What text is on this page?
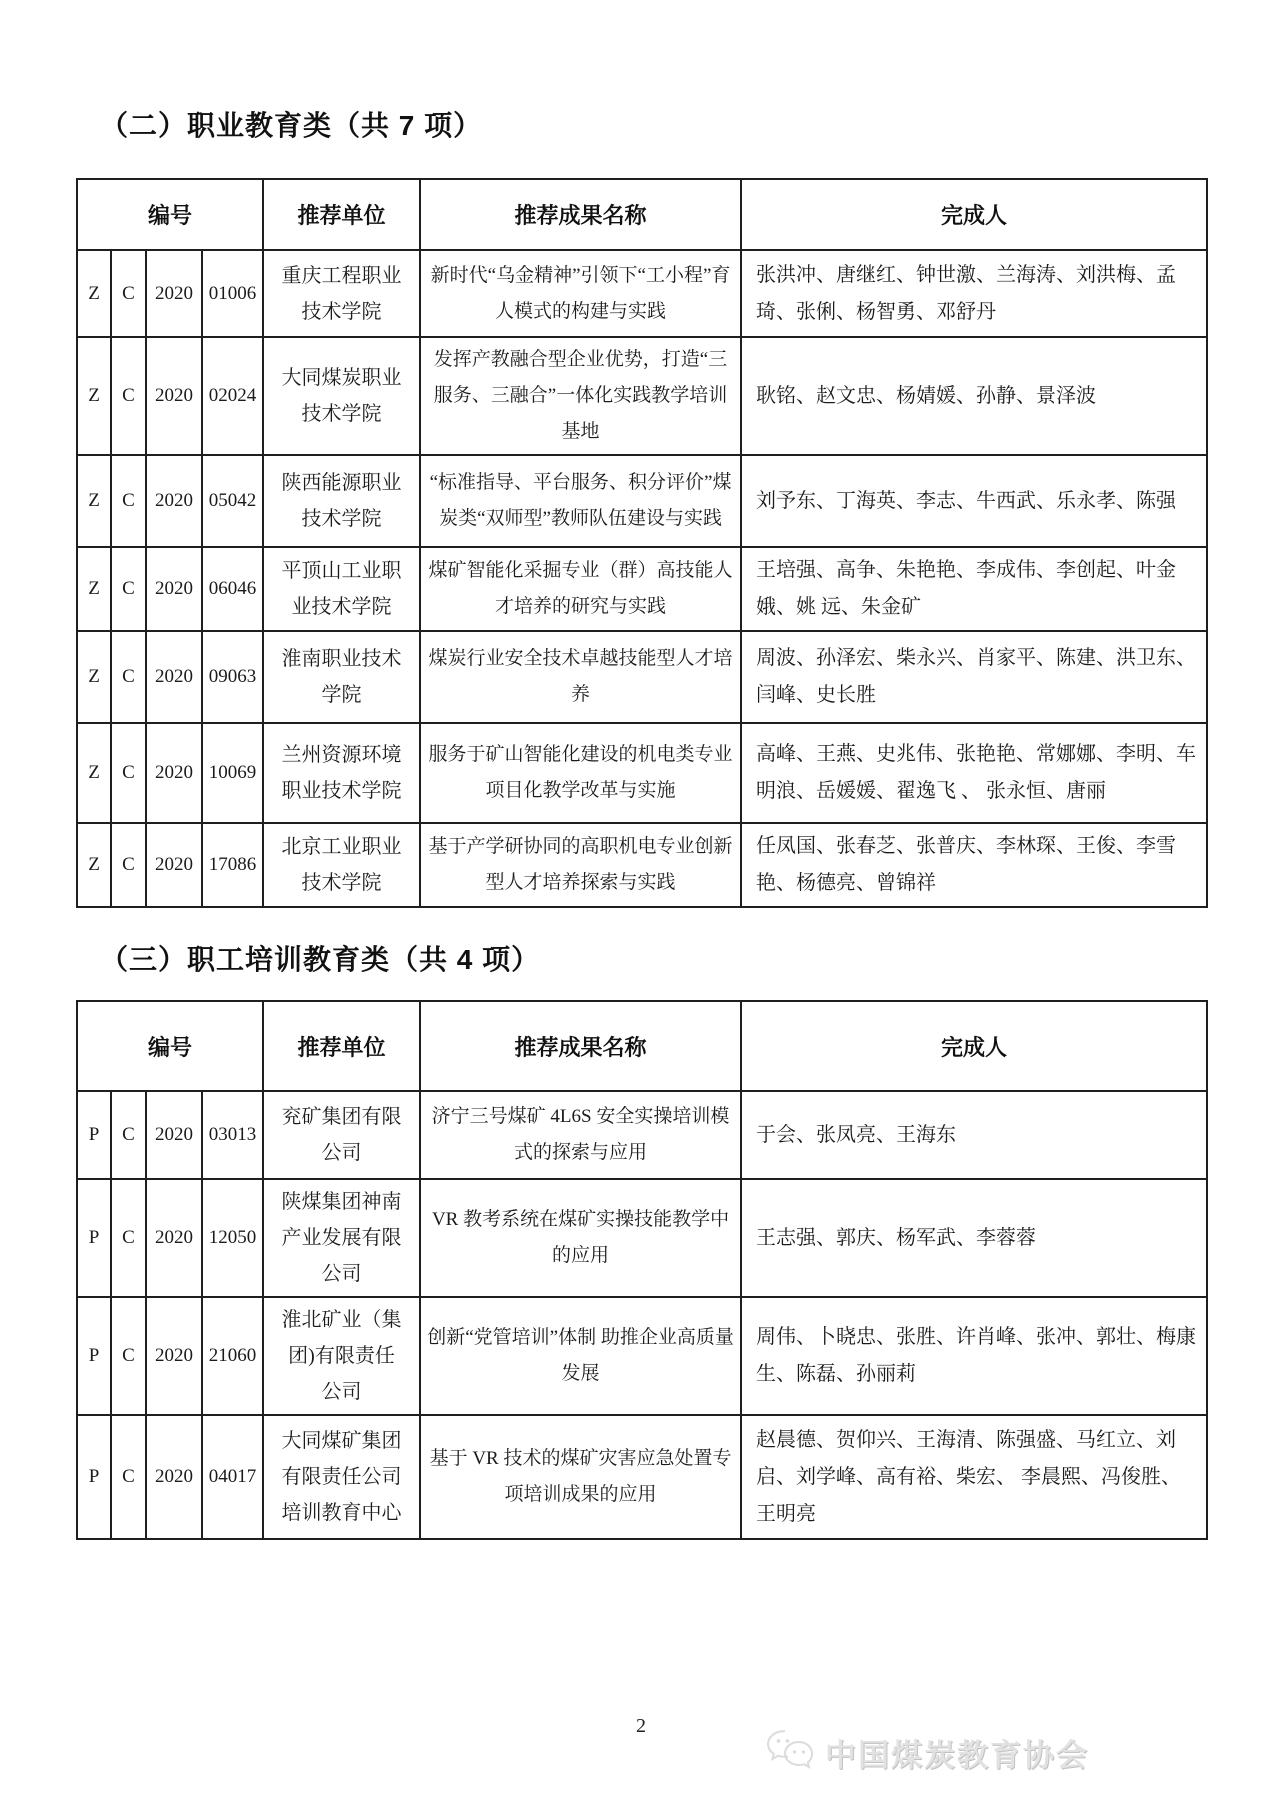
（二）职业教育类（共 7 项）
编号				推荐单位	推荐成果名称	完成人
Z	C	2020	01006	重庆工程职业技术学院	新时代“乌金精神”引领下“工小程”育人模式的构建与实践	张洪冲、唐继红、钟世激、兰海涛、刘洪梅、孟琦、张俐、杨智勇、邓舒丹
Z	C	2020	02024	大同煤炭职业技术学院	发挥产教融合型企业优势，打造“三服务、三融合”一体化实践教学培训基地	耿铭、赵文忠、杨婧媛、孙静、景泽波
Z	C	2020	05042	陕西能源职业技术学院	“标准指导、平台服务、积分评价”煤炭类“双师型”教师队伍建设与实践	刘予东、丁海英、李志、牛西武、乐永孝、陈强
Z	C	2020	06046	平顶山工业职业技术学院	煤矿智能化采掘专业（群）高技能人才培养的研究与实践	王培强、高争、朱艳艳、李成伟、李创起、叶金娥、姚 远、朱金矿
Z	C	2020	09063	淮南职业技术学院	煤炭行业安全技术卓越技能型人才培养	周波、孙泽宏、柴永兴、肖家平、陈建、洪卫东、闫峰、史长胜
Z	C	2020	10069	兰州资源环境职业技术学院	服务于矿山智能化建设的机电类专业项目化教学改革与实施	高峰、王燕、史兆伟、张艳艳、常娜娜、李明、车明浪、岳媛媛、翟逸飞 、 张永恒、唐丽
Z	C	2020	17086	北京工业职业技术学院	基于产学研协同的高职机电专业创新型人才培养探索与实践	任凤国、张春芝、张普庆、李林琛、王俊、李雪艳、杨德亮、曾锦祥
（三）职工培训教育类（共 4 项）
编号				推荐单位	推荐成果名称	完成人
P	C	2020	03013	兖矿集团有限公司	济宁三号煤矿 4L6S 安全实操培训模式的探索与应用	于会、张凤亮、王海东
P	C	2020	12050	陕煤集团神南产业发展有限公司	VR 教考系统在煤矿实操技能教学中的应用	王志强、郭庆、杨军武、李蓉蓉
P	C	2020	21060	淮北矿业（集团)有限责任公司	创新“党管培训”体制 助推企业高质量发展	周伟、卜晓忠、张胜、许肖峰、张冲、郭壮、梅康生、陈磊、孙丽莉
P	C	2020	04017	大同煤矿集团有限责任公司培训教育中心	基于 VR 技术的煤矿灾害应急处置专项培训成果的应用	赵晨德、贺仰兴、王海清、陈强盛、马红立、刘启、刘学峰、高有裕、柴宏、 李晨熙、冯俊胜、王明亮
2
中国煤炭教育协会
